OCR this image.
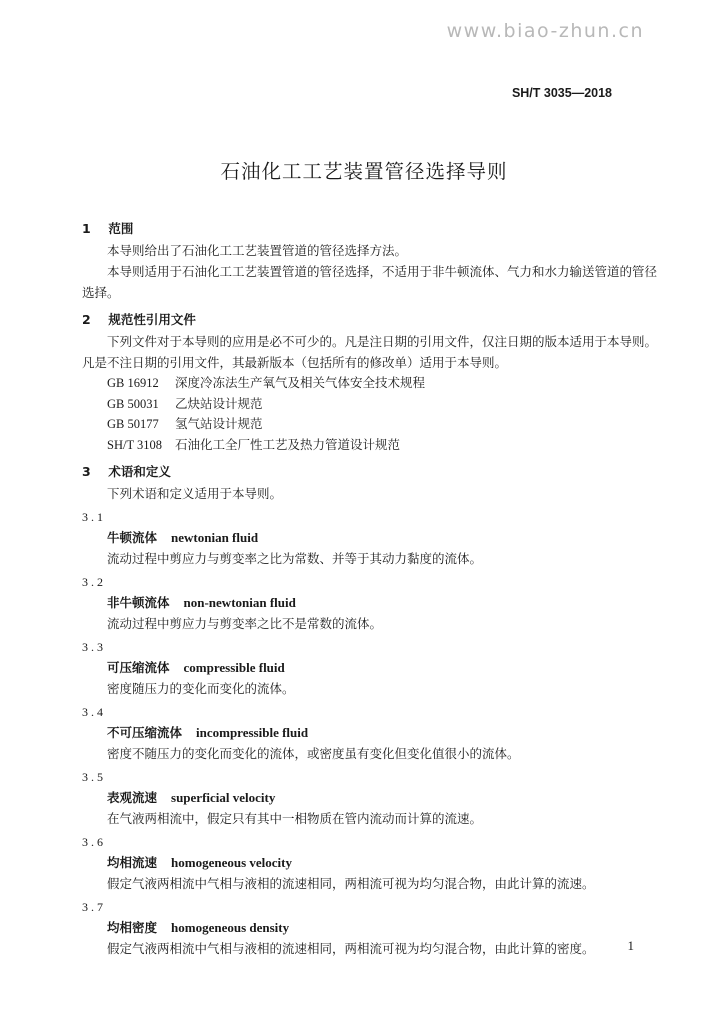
www.biao-zhun.cn
SH/T 3035—2018
石油化工工艺装置管径选择导则
1 范围

本导则给出了石油化工工艺装置管道的管径选择方法。

本导则适用于石油化工工艺装置管道的管径选择，不适用于非牛顿流体、气力和水力输送管道的管径选择。

2 规范性引用文件

下列文件对于本导则的应用是必不可少的。凡是注日期的引用文件，仅注日期的版本适用于本导则。凡是不注日期的引用文件，其最新版本（包括所有的修改单）适用于本导则。

GB 16912 深度冷冻法生产氧气及相关气体安全技术规程
GB 50031 乙炔站设计规范
GB 50177 氢气站设计规范
SH/T 3108 石油化工全厂性工艺及热力管道设计规范
3 术语和定义

下列术语和定义适用于本导则。

3.1
牛顿流体 newtonian fluid
流动过程中剪应力与剪变率之比为常数、并等于其动力黏度的流体。
3.2
非牛顿流体 non-newtonian fluid
流动过程中剪应力与剪变率之比不是常数的流体。
3.3
可压缩流体 compressible fluid
密度随压力的变化而变化的流体。
3.4
不可压缩流体 incompressible fluid
密度不随压力的变化而变化的流体，或密度虽有变化但变化值很小的流体。
3.5
表观流速 superficial velocity
在气液两相流中，假定只有其中一相物质在管内流动而计算的流速。
3.6
均相流速 homogeneous velocity
假定气液两相流中气相与液相的流速相同，两相流可视为均匀混合物，由此计算的流速。
3.7
均相密度 homogeneous density
假定气液两相流中气相与液相的流速相同，两相流可视为均匀混合物，由此计算的密度。	1
